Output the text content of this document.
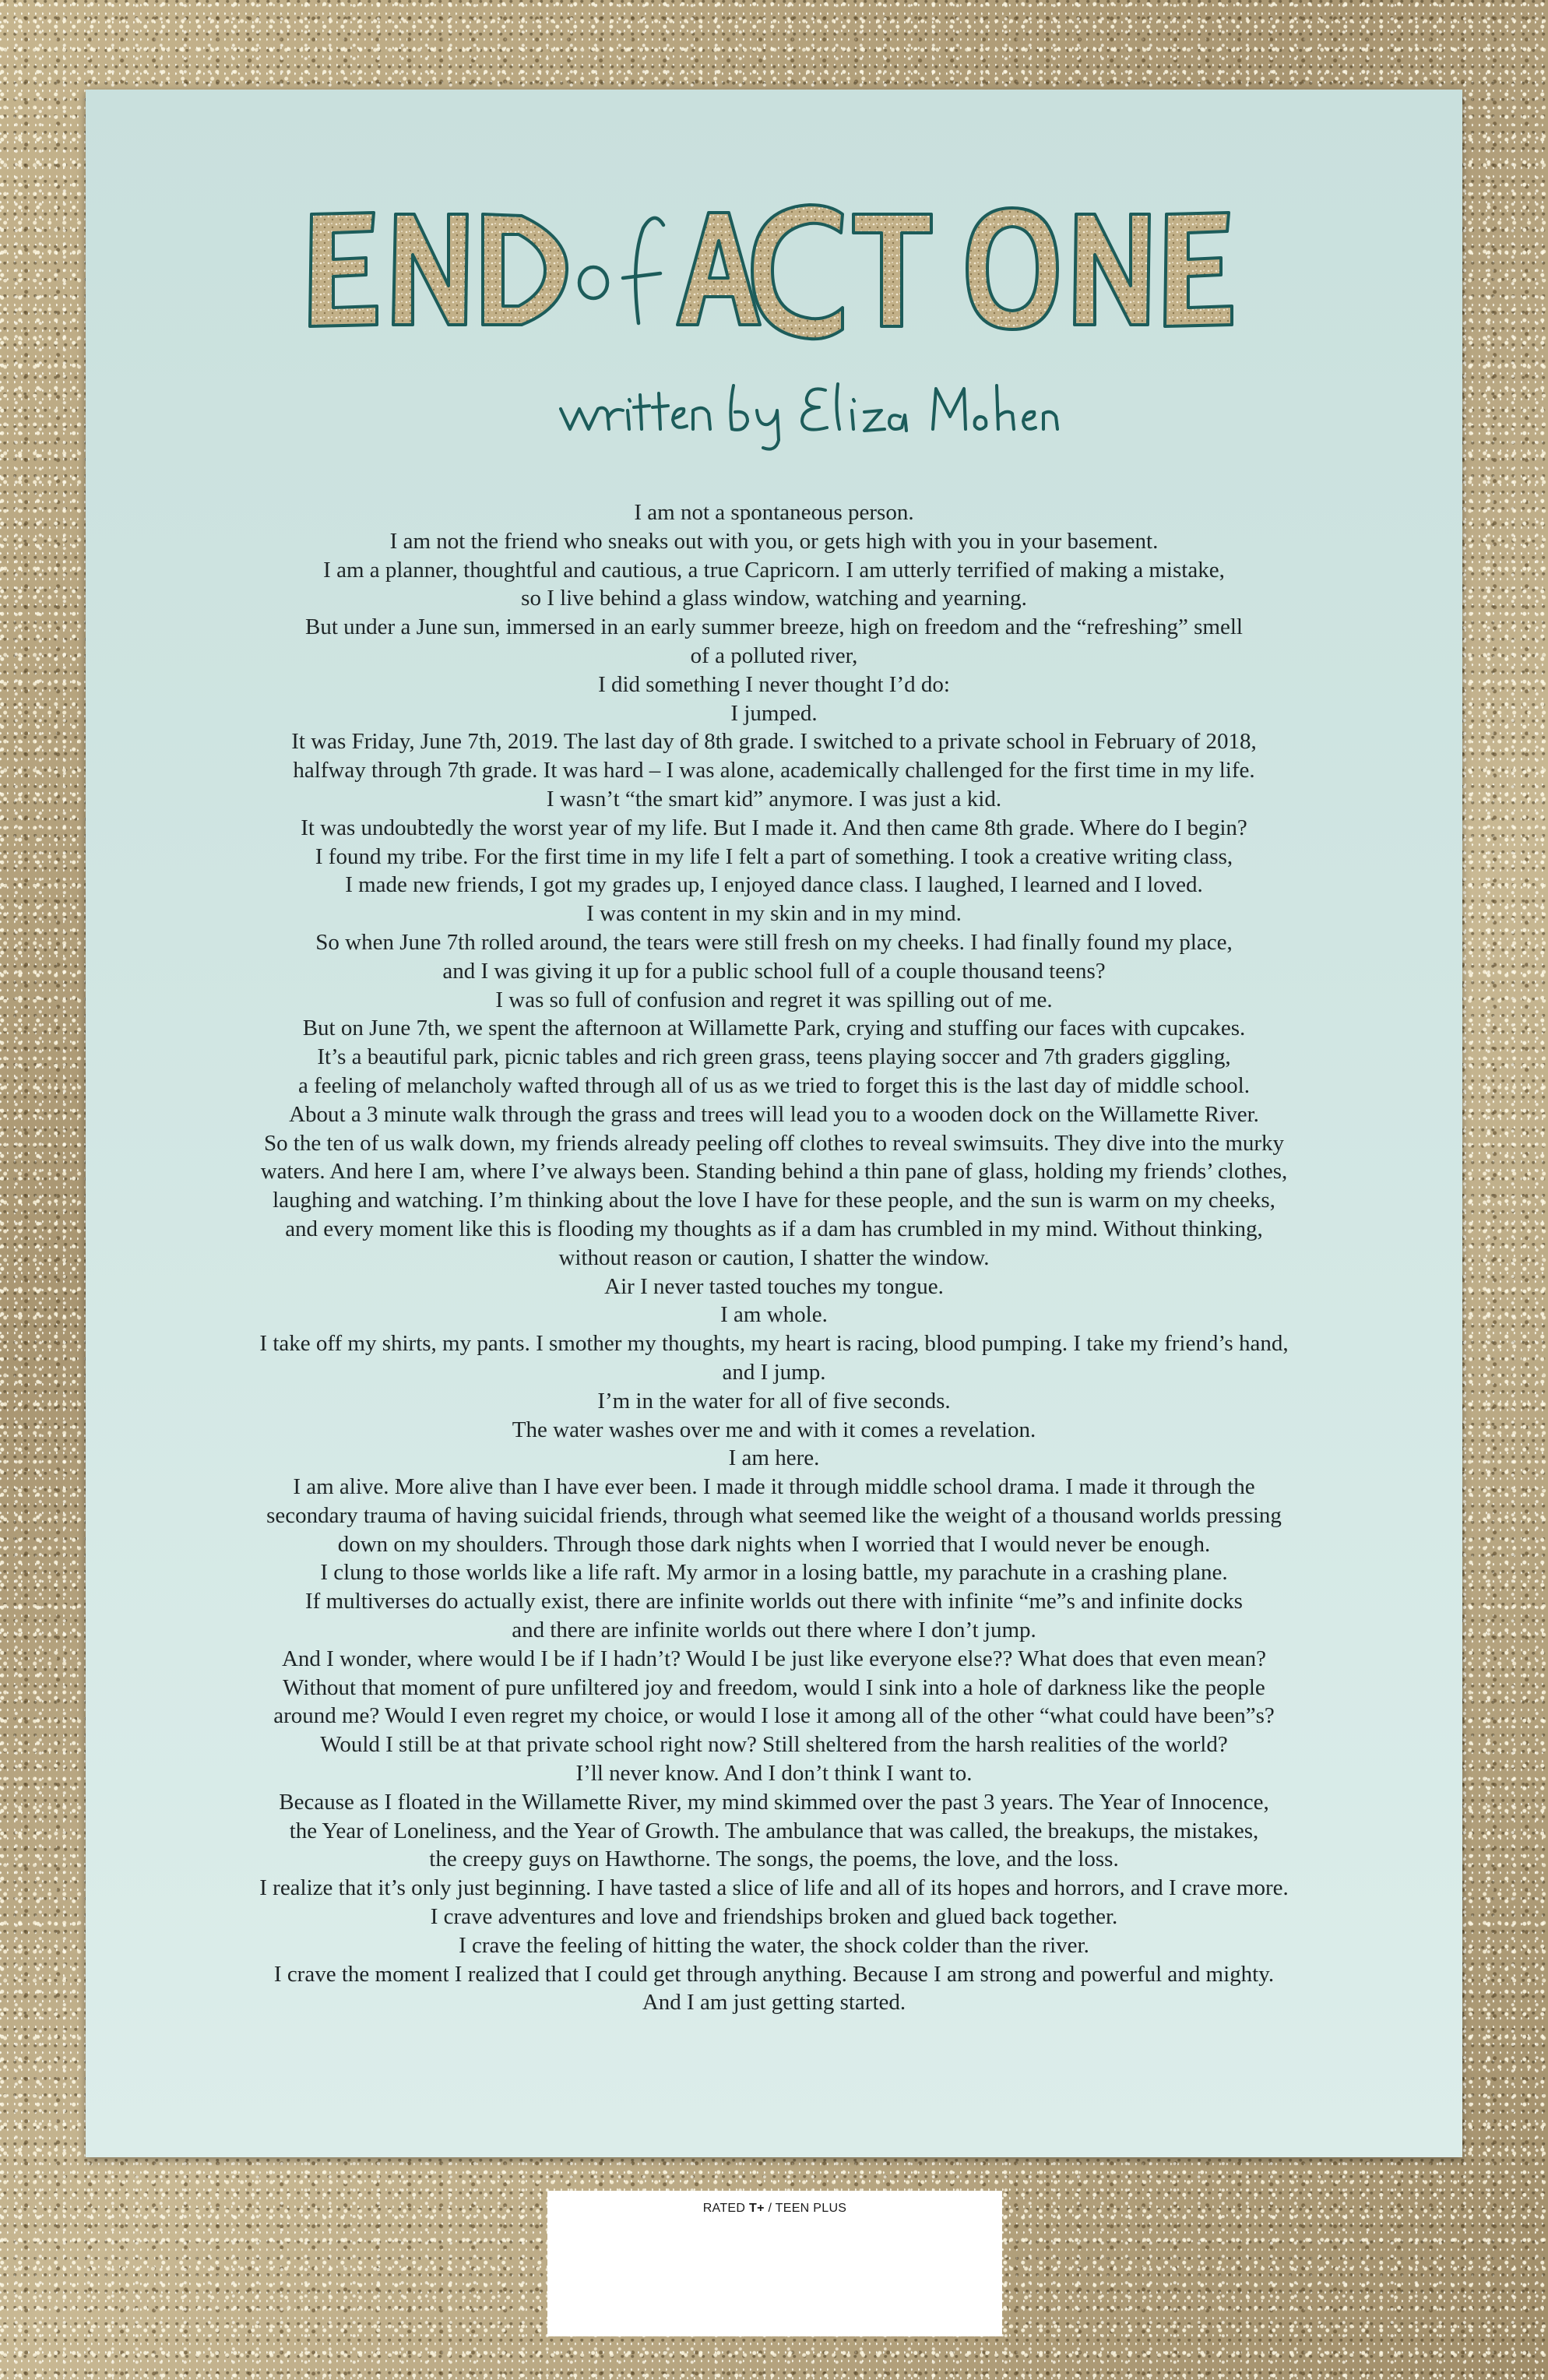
I am not a spontaneous person.
I am not the friend who sneaks out with you, or gets high with you in your basement.
I am a planner, thoughtful and cautious, a true Capricorn. I am utterly terrified of making a mistake,
so I live behind a glass window, watching and yearning.
But under a June sun, immersed in an early summer breeze, high on freedom and the “refreshing” smell
of a polluted river,
I did something I never thought I’d do:
I jumped.
It was Friday, June 7th, 2019. The last day of 8th grade. I switched to a private school in February of 2018,
halfway through 7th grade. It was hard – I was alone, academically challenged for the first time in my life.
I wasn’t “the smart kid” anymore. I was just a kid.
It was undoubtedly the worst year of my life. But I made it. And then came 8th grade. Where do I begin?
I found my tribe. For the first time in my life I felt a part of something. I took a creative writing class,
I made new friends, I got my grades up, I enjoyed dance class. I laughed, I learned and I loved.
I was content in my skin and in my mind.
So when June 7th rolled around, the tears were still fresh on my cheeks. I had finally found my place,
and I was giving it up for a public school full of a couple thousand teens?
I was so full of confusion and regret it was spilling out of me.
But on June 7th, we spent the afternoon at Willamette Park, crying and stuffing our faces with cupcakes.
It’s a beautiful park, picnic tables and rich green grass, teens playing soccer and 7th graders giggling,
a feeling of melancholy wafted through all of us as we tried to forget this is the last day of middle school.
About a 3 minute walk through the grass and trees will lead you to a wooden dock on the Willamette River.
So the ten of us walk down, my friends already peeling off clothes to reveal swimsuits. They dive into the murky
waters. And here I am, where I’ve always been. Standing behind a thin pane of glass, holding my friends’ clothes,
laughing and watching. I’m thinking about the love I have for these people, and the sun is warm on my cheeks,
and every moment like this is flooding my thoughts as if a dam has crumbled in my mind. Without thinking,
without reason or caution, I shatter the window.
Air I never tasted touches my tongue.
I am whole.
I take off my shirts, my pants. I smother my thoughts, my heart is racing, blood pumping. I take my friend’s hand,
and I jump.
I’m in the water for all of five seconds.
The water washes over me and with it comes a revelation.
I am here.
I am alive. More alive than I have ever been. I made it through middle school drama. I made it through the
secondary trauma of having suicidal friends, through what seemed like the weight of a thousand worlds pressing
down on my shoulders. Through those dark nights when I worried that I would never be enough.
I clung to those worlds like a life raft. My armor in a losing battle, my parachute in a crashing plane.
If multiverses do actually exist, there are infinite worlds out there with infinite “me”s and infinite docks
and there are infinite worlds out there where I don’t jump.
And I wonder, where would I be if I hadn’t? Would I be just like everyone else?? What does that even mean?
Without that moment of pure unfiltered joy and freedom, would I sink into a hole of darkness like the people
around me? Would I even regret my choice, or would I lose it among all of the other “what could have been”s?
Would I still be at that private school right now? Still sheltered from the harsh realities of the world?
I’ll never know. And I don’t think I want to.
Because as I floated in the Willamette River, my mind skimmed over the past 3 years. The Year of Innocence,
the Year of Loneliness, and the Year of Growth. The ambulance that was called, the breakups, the mistakes,
the creepy guys on Hawthorne. The songs, the poems, the love, and the loss.
I realize that it’s only just beginning. I have tasted a slice of life and all of its hopes and horrors, and I crave more.
I crave adventures and love and friendships broken and glued back together.
I crave the feeling of hitting the water, the shock colder than the river.
I crave the moment I realized that I could get through anything. Because I am strong and powerful and mighty.
And I am just getting started.
RATED T+ / TEEN PLUS
